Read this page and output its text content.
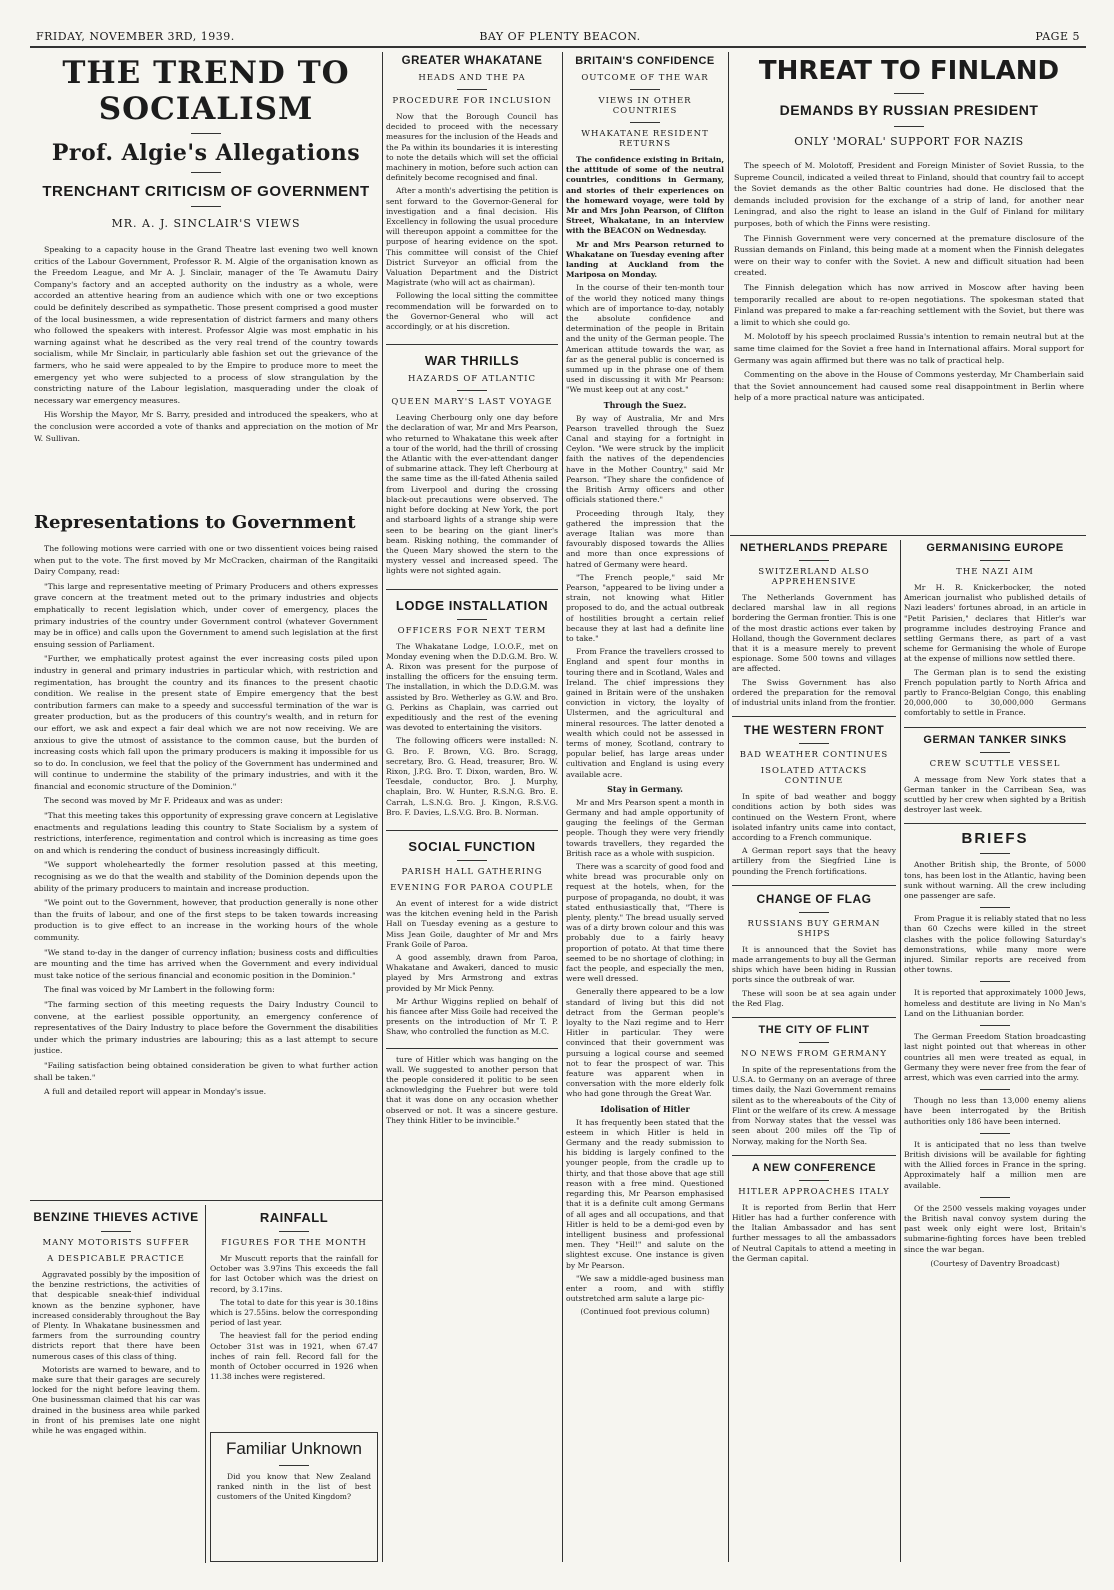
FRIDAY, NOVEMBER 3RD, 1939.	BAY OF PLENTY BEACON.	PAGE 5
THE TREND TO SOCIALISM
Prof. Algie's Allegations
TRENCHANT CRITICISM OF GOVERNMENT
MR. A. J. SINCLAIR'S VIEWS

Speaking to a capacity house in the Grand Theatre last evening two well known critics of the Labour Government, Professor R. M. Algie of the organisation known as the Freedom League, and Mr A. J. Sinclair, manager of the Te Awamutu Dairy Company's factory and an accepted authority on the industry as a whole, were accorded an attentive hearing from an audience which with one or two exceptions could be definitely described as sympathetic. Those present comprised a good muster of the local businessmen, a wide representation of district farmers and many others who followed the speakers with interest. Professor Algie was most emphatic in his warning against what he described as the very real trend of the country towards socialism, while Mr Sinclair, in particularly able fashion set out the grievance of the farmers, who he said were appealed to by the Empire to produce more to meet the emergency yet who were subjected to a process of slow strangulation by the constricting nature of the Labour legislation, masquerading under the cloak of necessary war emergency measures.

His Worship the Mayor, Mr S. Barry, presided and introduced the speakers, who at the conclusion were accorded a vote of thanks and appreciation on the motion of Mr W. Sullivan.

Representations to Government

The following motions were carried with one or two dissentient voices being raised when put to the vote. The first moved by Mr McCracken, chairman of the Rangitaiki Dairy Company, read:

"This large and representative meeting of Primary Producers and others expresses grave concern at the treatment meted out to the primary industries and objects emphatically to recent legislation which, under cover of emergency, places the primary industries of the country under Government control (whatever Government may be in office) and calls upon the Government to amend such legislation at the first ensuing session of Parliament.

"Further, we emphatically protest against the ever increasing costs piled upon industry in general and primary industries in particular which, with restriction and regimentation, has brought the country and its finances to the present chaotic condition. We realise in the present state of Empire emergency that the best contribution farmers can make to a speedy and successful termination of the war is greater production, but as the producers of this country's wealth, and in return for our effort, we ask and expect a fair deal which we are not now receiving. We are anxious to give the utmost of assistance to the common cause, but the burden of increasing costs which fall upon the primary producers is making it impossible for us so to do. In conclusion, we feel that the policy of the Government has undermined and will continue to undermine the stability of the primary industries, and with it the financial and economic structure of the Dominion."

The second was moved by Mr F. Prideaux and was as under:

"That this meeting takes this opportunity of expressing grave concern at Legislative enactments and regulations leading this country to State Socialism by a system of restrictions, interference, regimentation and control which is increasing as time goes on and which is rendering the conduct of business increasingly difficult.

"We support wholeheartedly the former resolution passed at this meeting, recognising as we do that the wealth and stability of the Dominion depends upon the ability of the primary producers to maintain and increase production.

"We point out to the Government, however, that production generally is none other than the fruits of labour, and one of the first steps to be taken towards increasing production is to give effect to an increase in the working hours of the whole community.

"We stand to-day in the danger of currency inflation; business costs and difficulties are mounting and the time has arrived when the Government and every individual must take notice of the serious financial and economic position in the Dominion."

The final was voiced by Mr Lambert in the following form:

"The farming section of this meeting requests the Dairy Industry Council to convene, at the earliest possible opportunity, an emergency conference of representatives of the Dairy Industry to place before the Government the disabilities under which the primary industries are labouring; this as a last attempt to secure justice.

"Failing satisfaction being obtained consideration be given to what further action shall be taken."

A full and detailed report will appear in Monday's issue.

BENZINE THIEVES ACTIVE
MANY MOTORISTS SUFFER
A DESPICABLE PRACTICE

Aggravated possibly by the imposition of the benzine restrictions, the activities of that despicable sneak-thief individual known as the benzine syphoner, have increased considerably throughout the Bay of Plenty. In Whakatane businessmen and farmers from the surrounding country districts report that there have been numerous cases of this class of thing.

Motorists are warned to beware, and to make sure that their garages are securely locked for the night before leaving them. One businessman claimed that his car was drained in the business area while parked in front of his premises late one night while he was engaged within.

RAINFALL
FIGURES FOR THE MONTH

Mr Muscutt reports that the rainfall for October was 3.97ins This exceeds the fall for last October which was the driest on record, by 3.17ins.

The total to date for this year is 30.18ins which is 27.55ins. below the corresponding period of last year.

The heaviest fall for the period ending October 31st was in 1921, when 67.47 inches of rain fell. Record fall for the month of October occurred in 1926 when 11.38 inches were registered.

Familiar Unknown

Did you know that New Zealand ranked ninth in the list of best customers of the United Kingdom?

GREATER WHAKATANE
HEADS AND THE PA
PROCEDURE FOR INCLUSION

Now that the Borough Council has decided to proceed with the necessary measures for the inclusion of the Heads and the Pa within its boundaries it is interesting to note the details which will set the official machinery in motion, before such action can definitely become recognised and final.

After a month's advertising the petition is sent forward to the Governor-General for investigation and a final decision. His Excellency in following the usual procedure will thereupon appoint a committee for the purpose of hearing evidence on the spot. This committee will consist of the Chief District Surveyor an official from the Valuation Department and the District Magistrate (who will act as chairman).

Following the local sitting the committee recommendation will be forwarded on to the Governor-General who will act accordingly, or at his discretion.

WAR THRILLS
HAZARDS OF ATLANTIC
QUEEN MARY'S LAST VOYAGE

Leaving Cherbourg only one day before the declaration of war, Mr and Mrs Pearson, who returned to Whakatane this week after a tour of the world, had the thrill of crossing the Atlantic with the ever-attendant danger of submarine attack. They left Cherbourg at the same time as the ill-fated Athenia sailed from Liverpool and during the crossing black-out precautions were observed. The night before docking at New York, the port and starboard lights of a strange ship were seen to be bearing on the giant liner's beam. Risking nothing, the commander of the Queen Mary showed the stern to the mystery vessel and increased speed. The lights were not sighted again.

LODGE INSTALLATION
OFFICERS FOR NEXT TERM

The Whakatane Lodge, I.O.O.F., met on Monday evening when the D.D.G.M. Bro. W. A. Rixon was present for the purpose of installing the officers for the ensuing term. The installation, in which the D.D.G.M. was assisted by Bro. Wetherley as G.W. and Bro. G. Perkins as Chaplain, was carried out expeditiously and the rest of the evening was devoted to entertaining the visitors.

The following officers were installed: N. G. Bro. F. Brown, V.G. Bro. Scragg, secretary, Bro. G. Head, treasurer, Bro. W. Rixon, J.P.G. Bro. T. Dixon, warden, Bro. W. Teesdale, conductor, Bro. J. Murphy, chaplain, Bro. W. Hunter, R.S.N.G. Bro. E. Carrah, L.S.N.G. Bro. J. Kingon, R.S.V.G. Bro. F. Davies, L.S.V.G. Bro. B. Norman.

SOCIAL FUNCTION
PARISH HALL GATHERING
EVENING FOR PAROA COUPLE

An event of interest for a wide district was the kitchen evening held in the Parish Hall on Tuesday evening as a gesture to Miss Jean Goile, daughter of Mr and Mrs Frank Goile of Paroa.

A good assembly, drawn from Paroa, Whakatane and Awakeri, danced to music played by Mrs Armstrong and extras provided by Mr Mick Penny.

Mr Arthur Wiggins replied on behalf of his fiancee after Miss Goile had received the presents on the introduction of Mr T. P. Shaw, who controlled the function as M.C.

ture of Hitler which was hanging on the wall. We suggested to another person that the people considered it politic to be seen acknowledging the Fuehrer but were told that it was done on any occasion whether observed or not. It was a sincere gesture. They think Hitler to be invincible."

BRITAIN'S CONFIDENCE
OUTCOME OF THE WAR
VIEWS IN OTHER COUNTRIES
WHAKATANE RESIDENT RETURNS

The confidence existing in Britain, the attitude of some of the neutral countries, conditions in Germany, and stories of their experiences on the homeward voyage, were told by Mr and Mrs John Pearson, of Clifton Street, Whakatane, in an interview with the BEACON on Wednesday.

Mr and Mrs Pearson returned to Whakatane on Tuesday evening after landing at Auckland from the Mariposa on Monday.

In the course of their ten-month tour of the world they noticed many things which are of importance to-day, notably the absolute confidence and determination of the people in Britain and the unity of the German people. The American attitude towards the war, as far as the general public is concerned is summed up in the phrase one of them used in discussing it with Mr Pearson: "We must keep out at any cost."

Through the Suez.

By way of Australia, Mr and Mrs Pearson travelled through the Suez Canal and staying for a fortnight in Ceylon. "We were struck by the implicit faith the natives of the dependencies have in the Mother Country," said Mr Pearson. "They share the confidence of the British Army officers and other officials stationed there."

Proceeding through Italy, they gathered the impression that the average Italian was more than favourably disposed towards the Allies and more than once expressions of hatred of Germany were heard.

"The French people," said Mr Pearson, "appeared to be living under a strain, not knowing what Hitler proposed to do, and the actual outbreak of hostilities brought a certain relief because they at last had a definite line to take."

From France the travellers crossed to England and spent four months in touring there and in Scotland, Wales and Ireland. The chief impressions they gained in Britain were of the unshaken conviction in victory, the loyalty of Ulstermen, and the agricultural and mineral resources. The latter denoted a wealth which could not be assessed in terms of money, Scotland, contrary to popular belief, has large areas under cultivation and England is using every available acre.

Stay in Germany.

Mr and Mrs Pearson spent a month in Germany and had ample opportunity of gauging the feelings of the German people. Though they were very friendly towards travellers, they regarded the British race as a whole with suspicion.

There was a scarcity of good food and white bread was procurable only on request at the hotels, when, for the purpose of propaganda, no doubt, it was stated enthusiastically that, "There is plenty, plenty." The bread usually served was of a dirty brown colour and this was probably due to a fairly heavy proportion of potato. At that time there seemed to be no shortage of clothing; in fact the people, and especially the men, were well dressed.

Generally there appeared to be a low standard of living but this did not detract from the German people's loyalty to the Nazi regime and to Herr Hitler in particular. They were convinced that their government was pursuing a logical course and seemed not to fear the prospect of war. This feature was apparent when in conversation with the more elderly folk who had gone through the Great War.

Idolisation of Hitler

It has frequently been stated that the esteem in which Hitler is held in Germany and the ready submission to his bidding is largely confined to the younger people, from the cradle up to thirty, and that those above that age still reason with a free mind. Questioned regarding this, Mr Pearson emphasised that it is a definite cult among Germans of all ages and all occupations, and that Hitler is held to be a demi-god even by intelligent business and professional men. They "Heil!" and salute on the slightest excuse. One instance is given by Mr Pearson.

"We saw a middle-aged business man enter a room, and with stiffly outstretched arm salute a large pic-

(Continued foot previous column)
THREAT TO FINLAND
DEMANDS BY RUSSIAN PRESIDENT
ONLY 'MORAL' SUPPORT FOR NAZIS

The speech of M. Molotoff, President and Foreign Minister of Soviet Russia, to the Supreme Council, indicated a veiled threat to Finland, should that country fail to accept the Soviet demands as the other Baltic countries had done. He disclosed that the demands included provision for the exchange of a strip of land, for another near Leningrad, and also the right to lease an island in the Gulf of Finland for military purposes, both of which the Finns were resisting.

The Finnish Government were very concerned at the premature disclosure of the Russian demands on Finland, this being made at a moment when the Finnish delegates were on their way to confer with the Soviet. A new and difficult situation had been created.

The Finnish delegation which has now arrived in Moscow after having been temporarily recalled are about to re-open negotiations. The spokesman stated that Finland was prepared to make a far-reaching settlement with the Soviet, but there was a limit to which she could go.

M. Molotoff by his speech proclaimed Russia's intention to remain neutral but at the same time claimed for the Soviet a free hand in International affairs. Moral support for Germany was again affirmed but there was no talk of practical help.

Commenting on the above in the House of Commons yesterday, Mr Chamberlain said that the Soviet announcement had caused some real disappointment in Berlin where help of a more practical nature was anticipated.

NETHERLANDS PREPARE
SWITZERLAND ALSO APPREHENSIVE

The Netherlands Government has declared marshal law in all regions bordering the German frontier. This is one of the most drastic actions ever taken by Holland, though the Government declares that it is a measure merely to prevent espionage. Some 500 towns and villages are affected.

The Swiss Government has also ordered the preparation for the removal of industrial units inland from the frontier.

THE WESTERN FRONT
BAD WEATHER CONTINUES
ISOLATED ATTACKS CONTINUE

In spite of bad weather and boggy conditions action by both sides was continued on the Western Front, where isolated infantry units came into contact, according to a French communique.

A German report says that the heavy artillery from the Siegfried Line is pounding the French fortifications.

CHANGE OF FLAG
RUSSIANS BUY GERMAN SHIPS

It is announced that the Soviet has made arrangements to buy all the German ships which have been hiding in Russian ports since the outbreak of war.

These will soon be at sea again under the Red Flag.

THE CITY OF FLINT
NO NEWS FROM GERMANY

In spite of the representations from the U.S.A. to Germany on an average of three times daily, the Nazi Government remains silent as to the whereabouts of the City of Flint or the welfare of its crew. A message from Norway states that the vessel was seen about 200 miles off the Tip of Norway, making for the North Sea.

A NEW CONFERENCE
HITLER APPROACHES ITALY

It is reported from Berlin that Herr Hitler has had a further conference with the Italian Ambassador and has sent further messages to all the ambassadors of Neutral Capitals to attend a meeting in the German capital.

GERMANISING EUROPE
THE NAZI AIM

Mr H. R. Knickerbocker, the noted American journalist who published details of Nazi leaders' fortunes abroad, in an article in "Petit Parisien," declares that Hitler's war programme includes destroying France and settling Germans there, as part of a vast scheme for Germanising the whole of Europe at the expense of millions now settled there.

The German plan is to send the existing French population partly to North Africa and partly to Franco-Belgian Congo, this enabling 20,000,000 to 30,000,000 Germans comfortably to settle in France.

GERMAN TANKER SINKS
CREW SCUTTLE VESSEL

A message from New York states that a German tanker in the Carribean Sea, was scuttled by her crew when sighted by a British destroyer last week.

BRIEFS

Another British ship, the Bronte, of 5000 tons, has been lost in the Atlantic, having been sunk without warning. All the crew including one passenger are safe.

From Prague it is reliably stated that no less than 60 Czechs were killed in the street clashes with the police following Saturday's demonstrations, while many more were injured. Similar reports are received from other towns.

It is reported that approximately 1000 Jews, homeless and destitute are living in No Man's Land on the Lithuanian border.

The German Freedom Station broadcasting last night pointed out that whereas in other countries all men were treated as equal, in Germany they were never free from the fear of arrest, which was even carried into the army.

Though no less than 13,000 enemy aliens have been interrogated by the British authorities only 186 have been interned.

It is anticipated that no less than twelve British divisions will be available for fighting with the Allied forces in France in the spring. Approximately half a million men are available.

Of the 2500 vessels making voyages under the British naval convoy system during the past week only eight were lost, Britain's submarine-fighting forces have been trebled since the war began.

(Courtesy of Daventry Broadcast)
